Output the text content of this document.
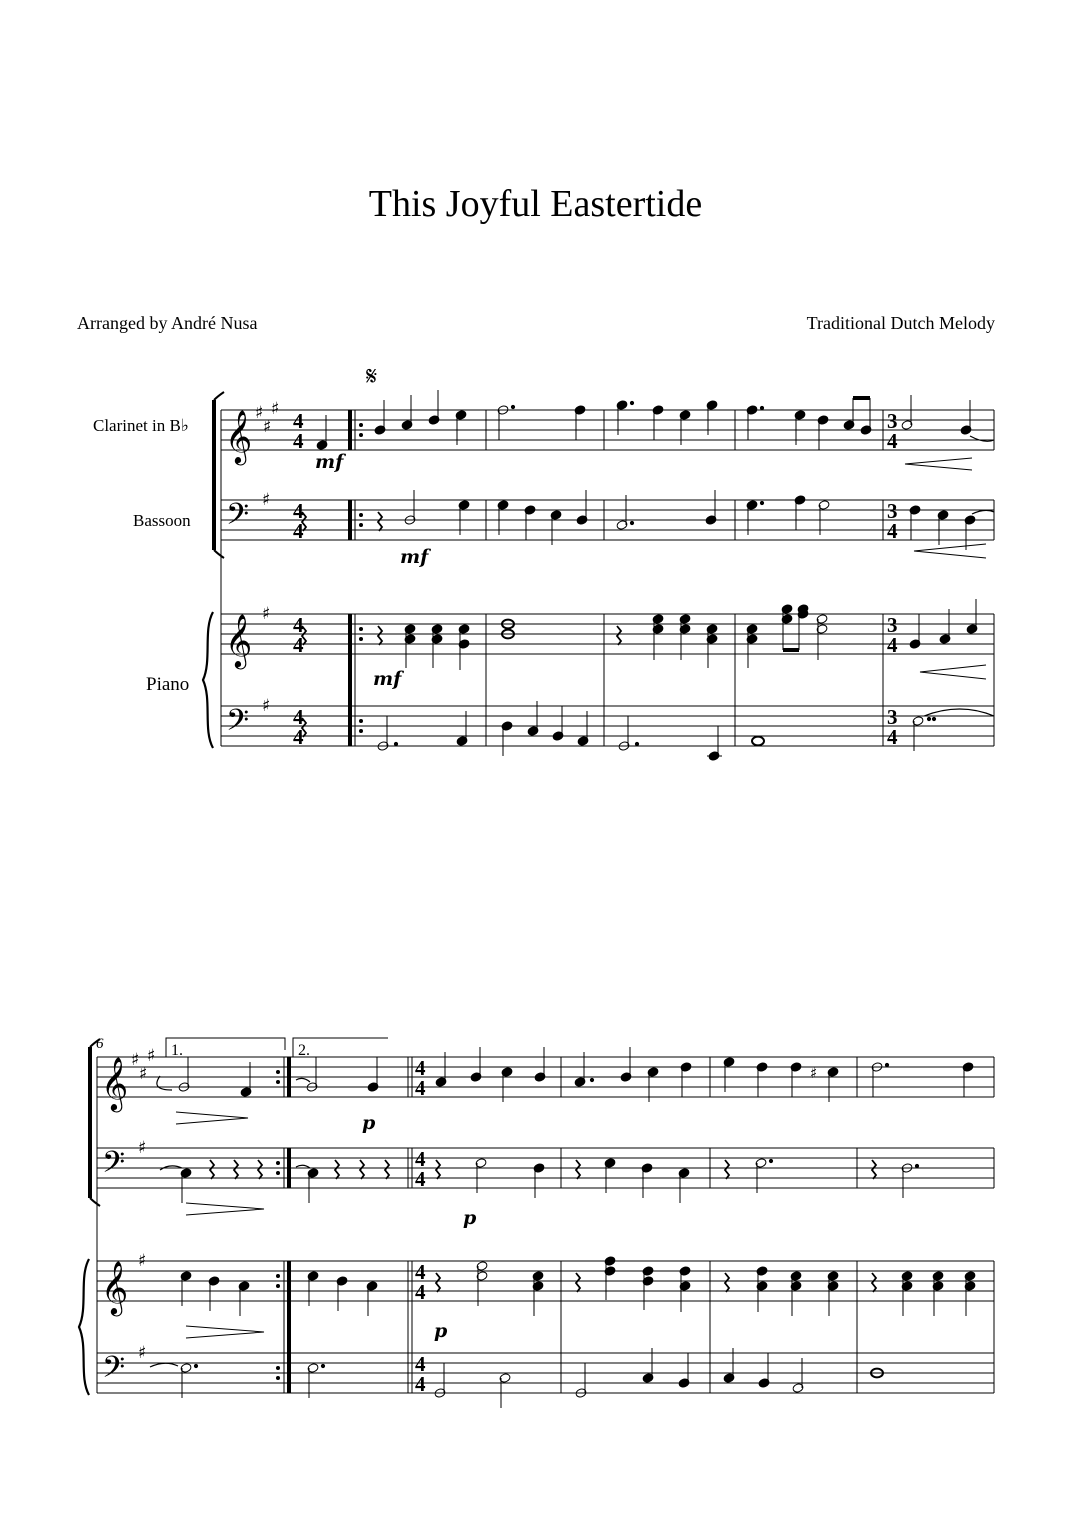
This Joyful Eastertide
Arranged by André Nusa	Traditional Dutch Melody
Clarinet in B♭
Bassoon
Piano
𝄞
𝄢
𝄞
𝄢
♯
♯
♯
♯
♯
♯
4
4
4
4
4
4
4
4
3
4
3
4
3
4
3
4
𝄋
mf
mf
mf
6	1.	2.
𝄞
𝄢
𝄞
𝄢
♯
♯
♯
♯
♯
♯
4
4
4
4
4
4
4
4
♯
p
p
p
